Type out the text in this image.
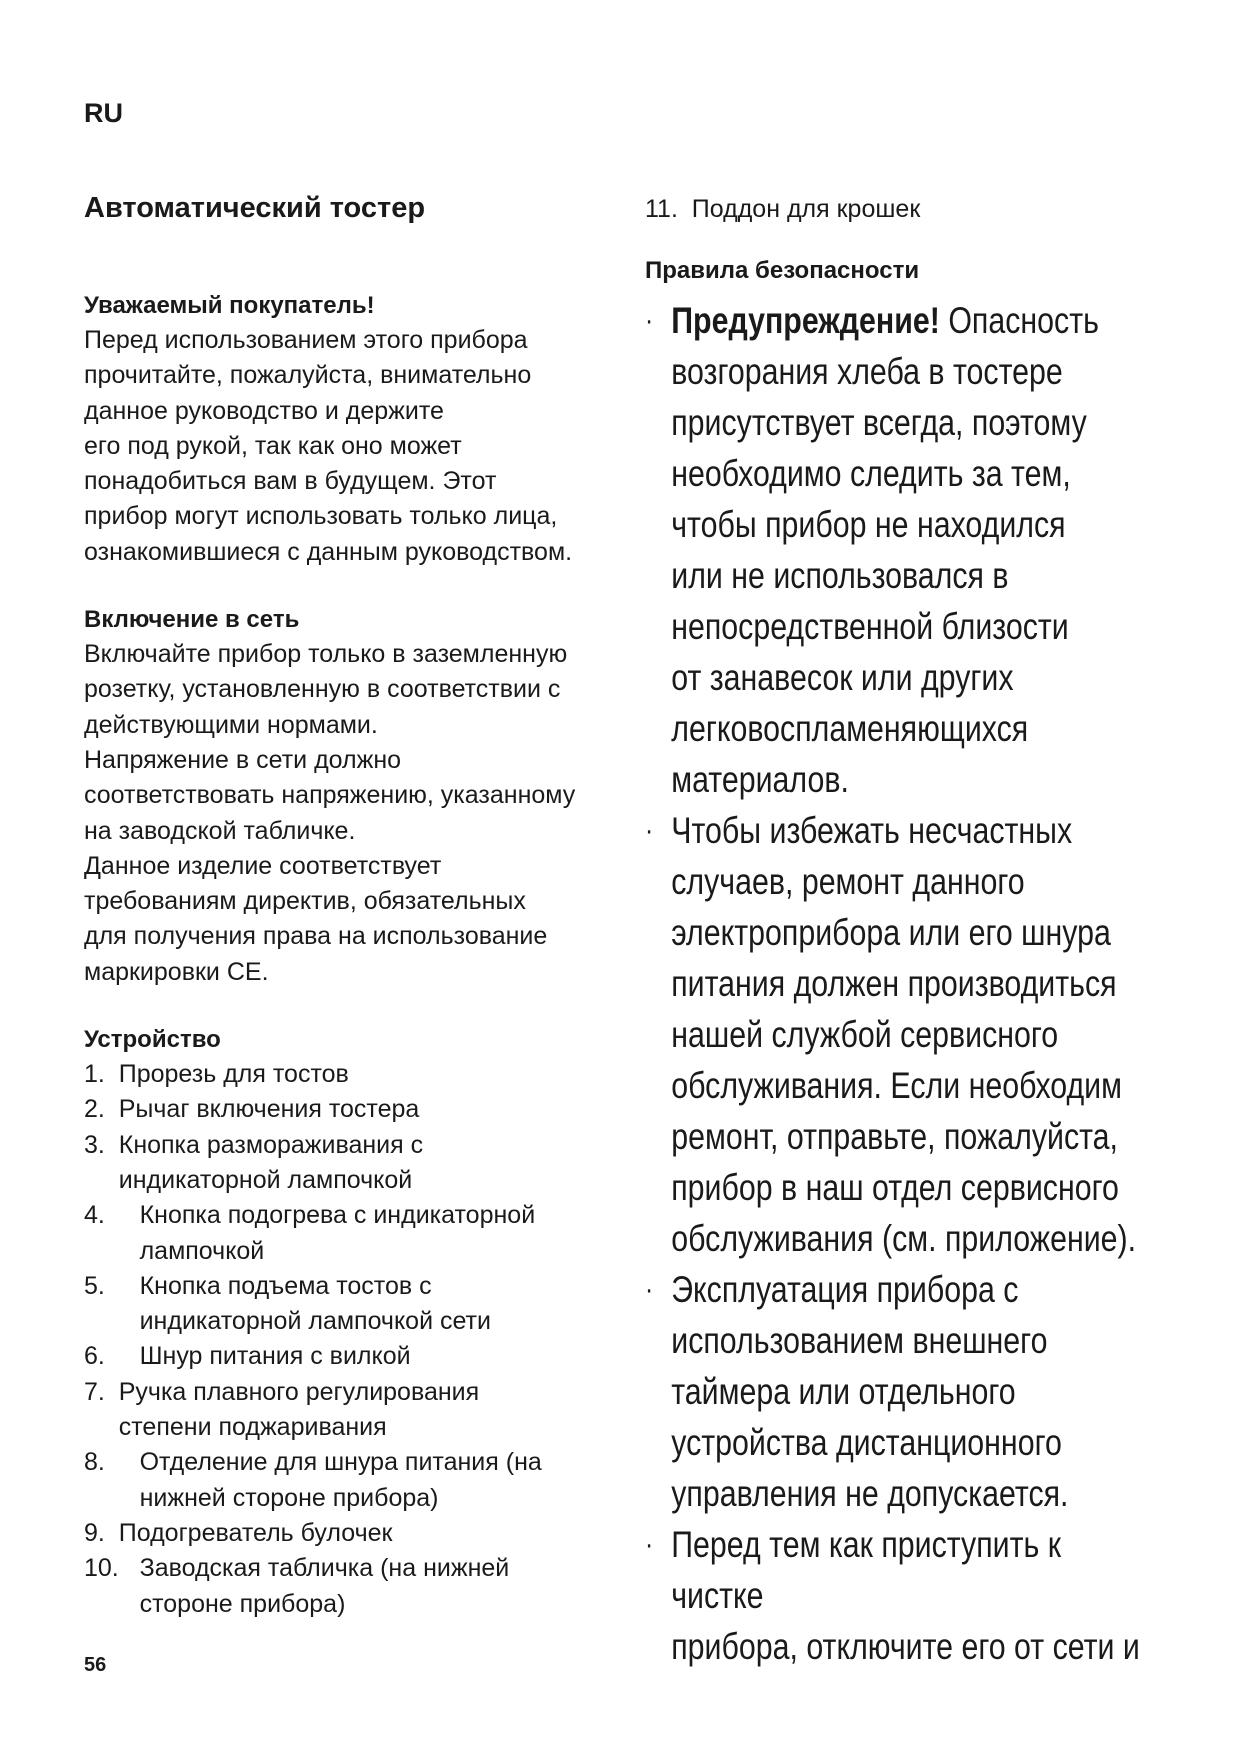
RU
Автоматический тостер
Уважаемый покупатель!

Перед использованием этого прибора
прочитайте, пожалуйста, внимательно
данное руководство и держите
его под рукой, так как оно может
понадобиться вам в будущем. Этот
прибор могут использовать только лица,
ознакомившиеся с данным руководством.

Включение в сеть

Включайте прибор только в заземленную
розетку, установленную в соответствии с
действующими нормами.
Напряжение в сети должно
соответствовать напряжению, указанному
на заводской табличке.
Данное изделие соответствует
требованиям директив, обязательных
для получения права на использование
маркировки CE.

Устройство
1. Прорезь для тостов
2. Рычаг включения тостера
3. Кнопка размораживания с
индикаторной лампочкой
4. Кнопка подогрева с индикаторной
лампочкой
5. Кнопка подъема тостов с
индикаторной лампочкой сети
6. Шнур питания с вилкой
7. Ручка плавного регулирования
степени поджаривания
8. Отделение для шнура питания (на
нижней стороне прибора)
9. Подогреватель булочек
10. Заводская табличка (на нижней
стороне прибора)
11.  Поддон для крошек
Правила безопасности
· Предупреждение! Опасность
возгорания хлеба в тостере
присутствует всегда, поэтому
необходимо следить за тем,
чтобы прибор не находился
или не использовался в
непосредственной близости
от занавесок или других
легковоспламеняющихся
материалов.
· Чтобы избежать несчастных
случаев, ремонт данного
электроприбора или его шнура
питания должен производиться
нашей службой сервисного
обслуживания. Если необходим
ремонт, отправьте, пожалуйста,
прибор в наш отдел сервисного
обслуживания (см. приложение).
· Эксплуатация прибора с
использованием внешнего
таймера или отдельного
устройства дистанционного
управления не допускается.
· Перед тем как приступить к чистке
прибора, отключите его от сети и
56
